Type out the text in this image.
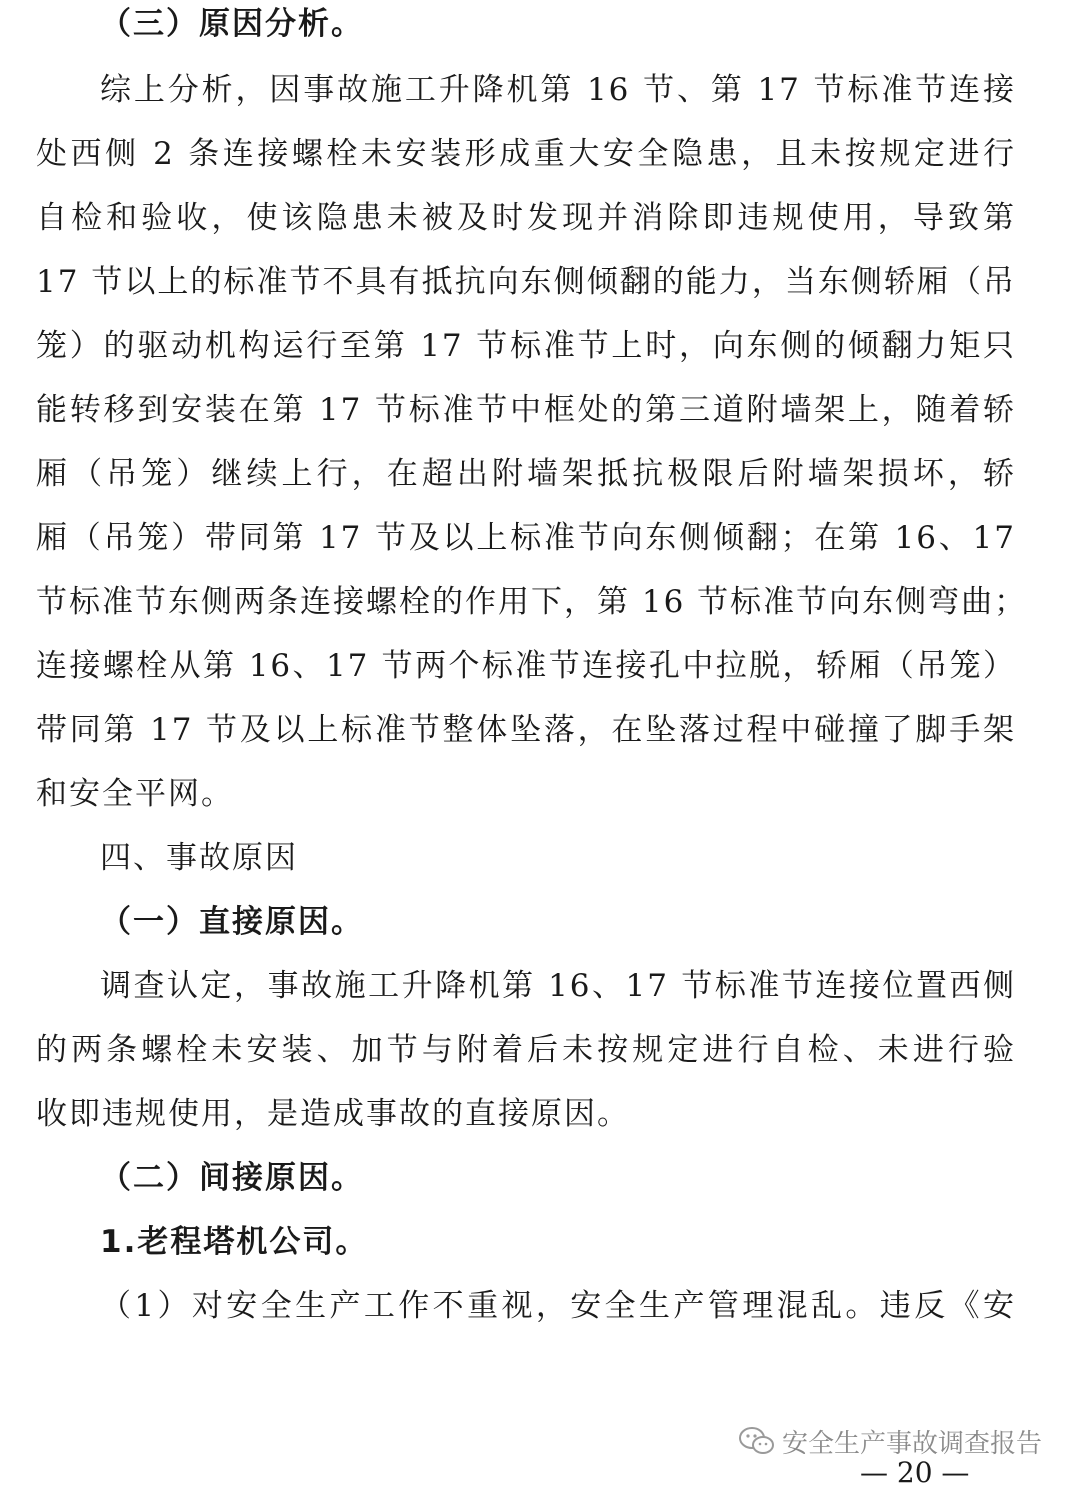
（三）原因分析。
综上分析，因事故施工升降机第 16 节、第 17 节标准节连接
处西侧 2 条连接螺栓未安装形成重大安全隐患，且未按规定进行
自检和验收，使该隐患未被及时发现并消除即违规使用，导致第
17 节以上的标准节不具有抵抗向东侧倾翻的能力，当东侧轿厢（吊
笼）的驱动机构运行至第 17 节标准节上时，向东侧的倾翻力矩只
能转移到安装在第 17 节标准节中框处的第三道附墙架上，随着轿
厢（吊笼）继续上行，在超出附墙架抵抗极限后附墙架损坏，轿
厢（吊笼）带同第 17 节及以上标准节向东侧倾翻；在第 16、17
节标准节东侧两条连接螺栓的作用下，第 16 节标准节向东侧弯曲；
连接螺栓从第 16、17 节两个标准节连接孔中拉脱，轿厢（吊笼）
带同第 17 节及以上标准节整体坠落，在坠落过程中碰撞了脚手架
和安全平网。
四、事故原因
（一）直接原因。
调查认定，事故施工升降机第 16、17 节标准节连接位置西侧
的两条螺栓未安装、加节与附着后未按规定进行自检、未进行验
收即违规使用，是造成事故的直接原因。
（二）间接原因。
1.老程塔机公司。
（1）对安全生产工作不重视，安全生产管理混乱。违反《安
安全生产事故调查报告
— 20 —
